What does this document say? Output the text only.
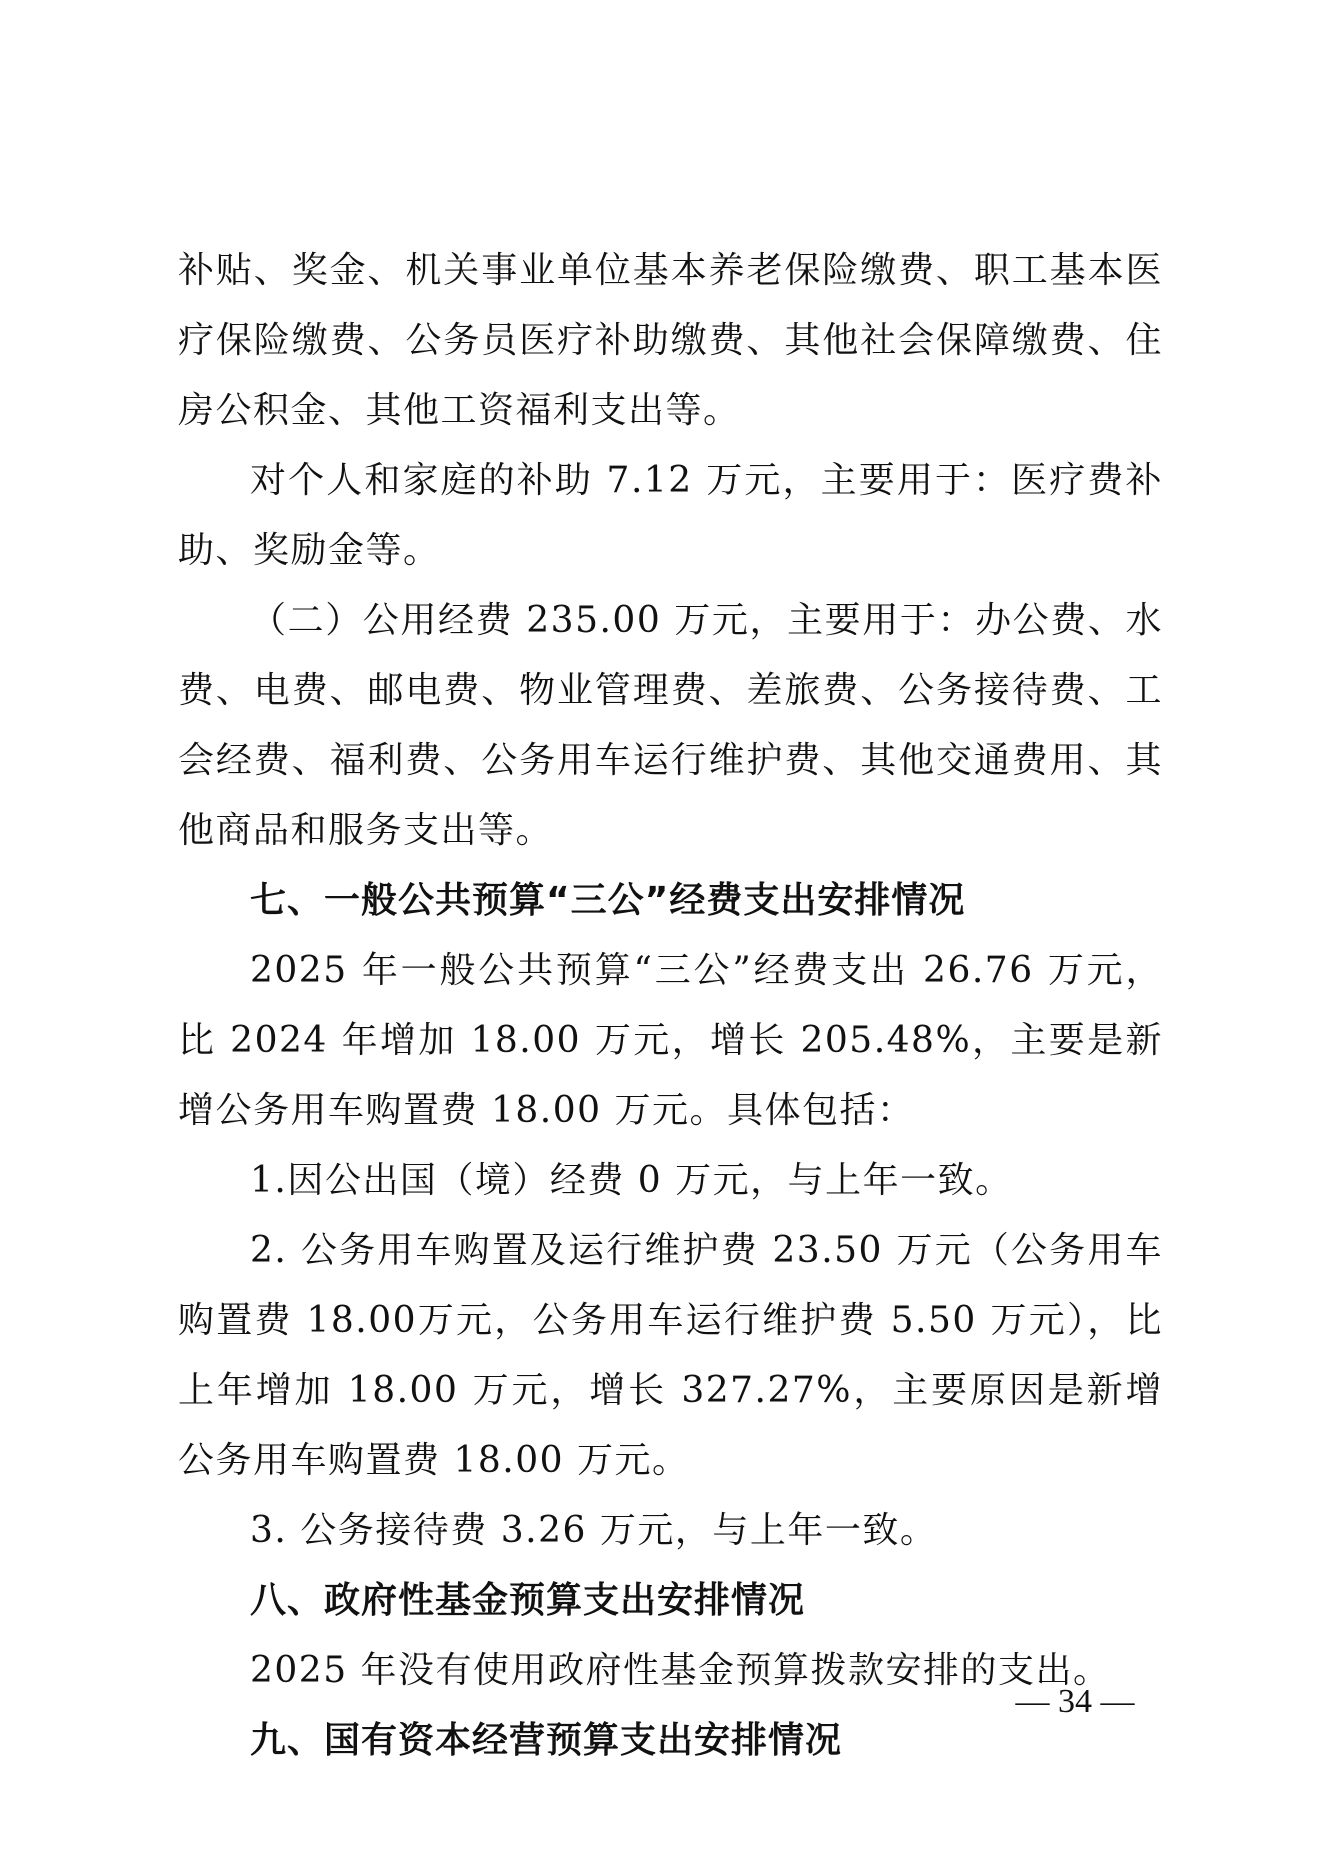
补贴、奖金、机关事业单位基本养老保险缴费、职工基本医疗保险缴费、公务员医疗补助缴费、其他社会保障缴费、住房公积金、其他工资福利支出等。

对个人和家庭的补助 7.12 万元，主要用于：医疗费补助、奖励金等。

（二）公用经费 235.00 万元，主要用于：办公费、水费、电费、邮电费、物业管理费、差旅费、公务接待费、工会经费、福利费、公务用车运行维护费、其他交通费用、其他商品和服务支出等。

七、一般公共预算“三公”经费支出安排情况

2025 年一般公共预算“三公”经费支出 26.76 万元，比 2024 年增加 18.00 万元，增长 205.48%，主要是新增公务用车购置费 18.00 万元。具体包括：

1.因公出国（境）经费 0 万元，与上年一致。

2. 公务用车购置及运行维护费 23.50 万元（公务用车购置费 18.00万元，公务用车运行维护费 5.50 万元），比上年增加 18.00 万元，增长 327.27%，主要原因是新增公务用车购置费 18.00 万元。

3. 公务接待费 3.26 万元，与上年一致。

八、政府性基金预算支出安排情况

2025 年没有使用政府性基金预算拨款安排的支出。

九、国有资本经营预算支出安排情况
— 34 —
